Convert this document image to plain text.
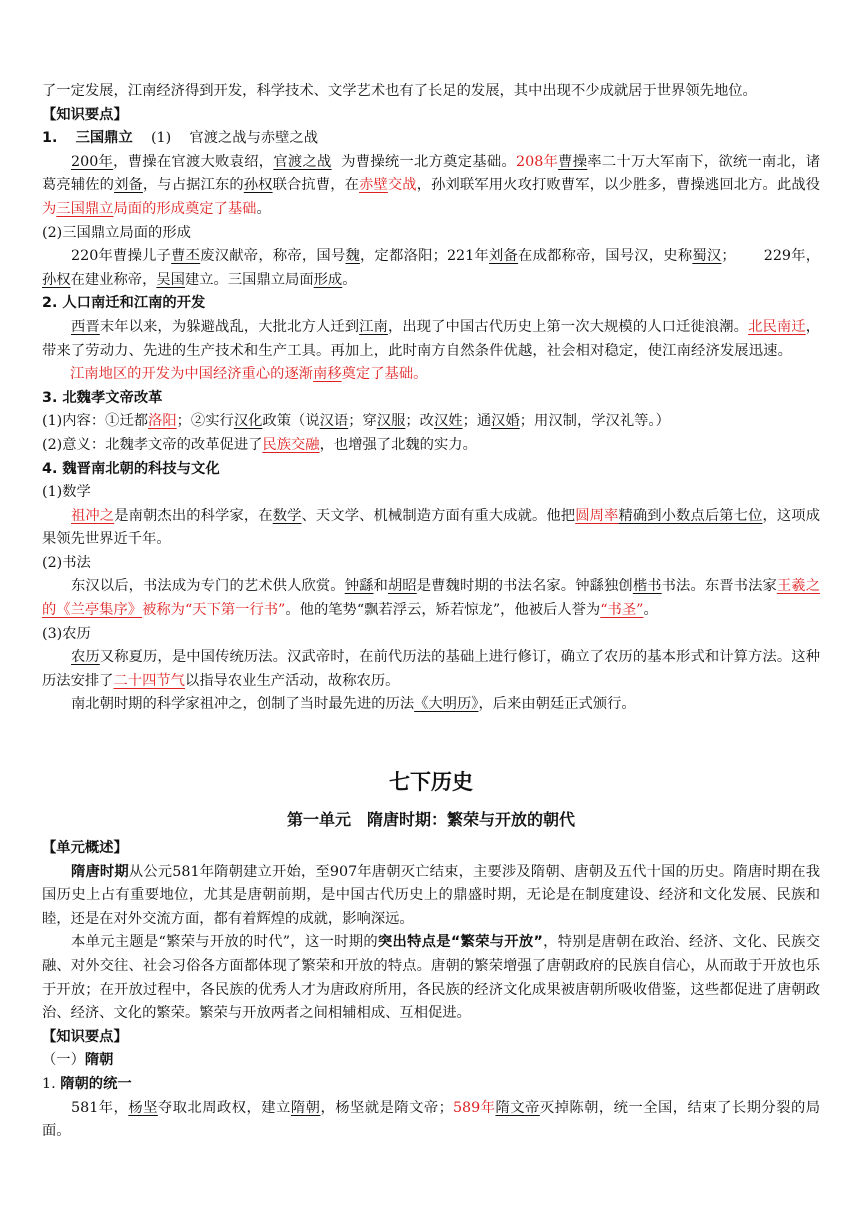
了一定发展，江南经济得到开发，科学技术、文学艺术也有了长足的发展，其中出现不少成就居于世界领先地位。

【知识要点】

1. 三国鼎立 (1) 官渡之战与赤壁之战

200年，曹操在官渡大败袁绍，官渡之战 为曹操统一北方奠定基础。208年曹操率二十万大军南下，欲统一南北，诸葛亮辅佐的刘备，与占据江东的孙权联合抗曹，在赤壁交战，孙刘联军用火攻打败曹军，以少胜多，曹操逃回北方。此战役为三国鼎立局面的形成奠定了基础。

(2)三国鼎立局面的形成

220年曹操儿子曹丕废汉献帝，称帝，国号魏，定都洛阳；221年刘备在成都称帝，国号汉，史称蜀汉； 229年，孙权在建业称帝，吴国建立。三国鼎立局面形成。

2. 人口南迁和江南的开发

西晋末年以来，为躲避战乱，大批北方人迁到江南，出现了中国古代历史上第一次大规模的人口迁徙浪潮。北民南迁，带来了劳动力、先进的生产技术和生产工具。再加上，此时南方自然条件优越，社会相对稳定，使江南经济发展迅速。江南地区的开发为中国经济重心的逐渐南移奠定了基础。

3. 北魏孝文帝改革

(1)内容：①迁都洛阳；②实行汉化政策（说汉语；穿汉服；改汉姓；通汉婚；用汉制，学汉礼等。）

(2)意义：北魏孝文帝的改革促进了民族交融，也增强了北魏的实力。

4. 魏晋南北朝的科技与文化

(1)数学

祖冲之是南朝杰出的科学家，在数学、天文学、机械制造方面有重大成就。他把圆周率精确到小数点后第七位，这项成果领先世界近千年。

(2)书法

东汉以后，书法成为专门的艺术供人欣赏。钟繇和胡昭是曹魏时期的书法名家。钟繇独创楷书书法。东晋书法家王羲之的《兰亭集序》被称为“天下第一行书”。他的笔势“飘若浮云，矫若惊龙”，他被后人誉为“书圣”。

(3)农历

农历又称夏历，是中国传统历法。汉武帝时，在前代历法的基础上进行修订，确立了农历的基本形式和计算方法。这种历法安排了二十四节气以指导农业生产活动，故称农历。

南北朝时期的科学家祖冲之，创制了当时最先进的历法《大明历》，后来由朝廷正式颁行。

七下历史
第一单元　隋唐时期：繁荣与开放的朝代

【单元概述】

隋唐时期从公元581年隋朝建立开始，至907年唐朝灭亡结束，主要涉及隋朝、唐朝及五代十国的历史。隋唐时期在我国历史上占有重要地位，尤其是唐朝前期，是中国古代历史上的鼎盛时期，无论是在制度建设、经济和文化发展、民族和睦，还是在对外交流方面，都有着辉煌的成就，影响深远。

本单元主题是“繁荣与开放的时代”，这一时期的突出特点是“繁荣与开放”，特别是唐朝在政治、经济、文化、民族交融、对外交往、社会习俗各方面都体现了繁荣和开放的特点。唐朝的繁荣增强了唐朝政府的民族自信心，从而敢于开放也乐于开放；在开放过程中，各民族的优秀人才为唐政府所用，各民族的经济文化成果被唐朝所吸收借鉴，这些都促进了唐朝政治、经济、文化的繁荣。繁荣与开放两者之间相辅相成、互相促进。

【知识要点】

（一）隋朝

1. 隋朝的统一

581年，杨坚夺取北周政权，建立隋朝，杨坚就是隋文帝；589年隋文帝灭掉陈朝，统一全国，结束了长期分裂的局面。
